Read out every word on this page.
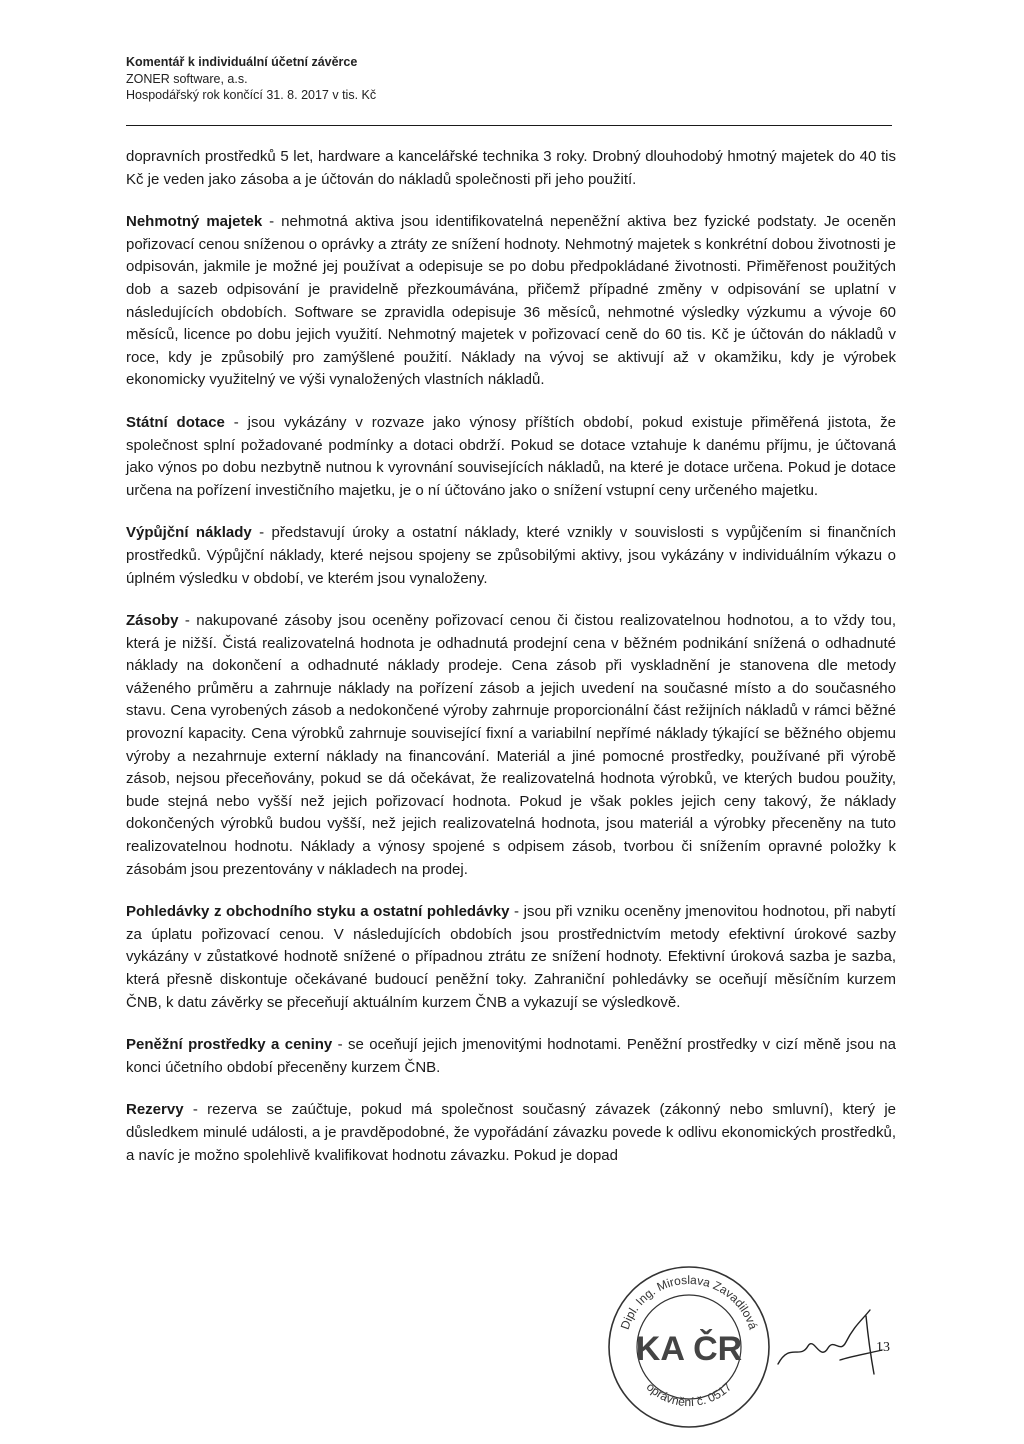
Komentář k individuální účetní závěrce
ZONER software, a.s.
Hospodářský rok končící 31. 8. 2017 v tis. Kč

dopravních prostředků 5 let, hardware a kancelářské technika 3 roky. Drobný dlouhodobý hmotný majetek do 40 tis Kč je veden jako zásoba a je účtován do nákladů společnosti při jeho použití.

Nehmotný majetek - nehmotná aktiva jsou identifikovatelná nepeněžní aktiva bez fyzické podstaty. Je oceněn pořizovací cenou sníženou o oprávky a ztráty ze snížení hodnoty. Nehmotný majetek s konkrétní dobou životnosti je odpisován, jakmile je možné jej používat a odepisuje se po dobu předpokládané životnosti. Přiměřenost použitých dob a sazeb odpisování je pravidelně přezkoumávána, přičemž případné změny v odpisování se uplatní v následujících obdobích. Software se zpravidla odepisuje 36 měsíců, nehmotné výsledky výzkumu a vývoje 60 měsíců, licence po dobu jejich využití. Nehmotný majetek v pořizovací ceně do 60 tis. Kč je účtován do nákladů v roce, kdy je způsobilý pro zamýšlené použití. Náklady na vývoj se aktivují až v okamžiku, kdy je výrobek ekonomicky využitelný ve výši vynaložených vlastních nákladů.

Státní dotace - jsou vykázány v rozvaze jako výnosy příštích období, pokud existuje přiměřená jistota, že společnost splní požadované podmínky a dotaci obdrží. Pokud se dotace vztahuje k danému příjmu, je účtovaná jako výnos po dobu nezbytně nutnou k vyrovnání souvisejících nákladů, na které je dotace určena. Pokud je dotace určena na pořízení investičního majetku, je o ní účtováno jako o snížení vstupní ceny určeného majetku.

Výpůjční náklady - představují úroky a ostatní náklady, které vznikly v souvislosti s vypůjčením si finančních prostředků. Výpůjční náklady, které nejsou spojeny se způsobilými aktivy, jsou vykázány v individuálním výkazu o úplném výsledku v období, ve kterém jsou vynaloženy.

Zásoby - nakupované zásoby jsou oceněny pořizovací cenou či čistou realizovatelnou hodnotou, a to vždy tou, která je nižší. Čistá realizovatelná hodnota je odhadnutá prodejní cena v běžném podnikání snížená o odhadnuté náklady na dokončení a odhadnuté náklady prodeje. Cena zásob při vyskladnění je stanovena dle metody váženého průměru a zahrnuje náklady na pořízení zásob a jejich uvedení na současné místo a do současného stavu. Cena vyrobených zásob a nedokončené výroby zahrnuje proporcionální část režijních nákladů v rámci běžné provozní kapacity. Cena výrobků zahrnuje související fixní a variabilní nepřímé náklady týkající se běžného objemu výroby a nezahrnuje externí náklady na financování. Materiál a jiné pomocné prostředky, používané při výrobě zásob, nejsou přeceňovány, pokud se dá očekávat, že realizovatelná hodnota výrobků, ve kterých budou použity, bude stejná nebo vyšší než jejich pořizovací hodnota. Pokud je však pokles jejich ceny takový, že náklady dokončených výrobků budou vyšší, než jejich realizovatelná hodnota, jsou materiál a výrobky přeceněny na tuto realizovatelnou hodnotu. Náklady a výnosy spojené s odpisem zásob, tvorbou či snížením opravné položky k zásobám jsou prezentovány v nákladech na prodej.

Pohledávky z obchodního styku a ostatní pohledávky - jsou při vzniku oceněny jmenovitou hodnotou, při nabytí za úplatu pořizovací cenou. V následujících obdobích jsou prostřednictvím metody efektivní úrokové sazby vykázány v zůstatkové hodnotě snížené o případnou ztrátu ze snížení hodnoty. Efektivní úroková sazba je sazba, která přesně diskontuje očekávané budoucí peněžní toky. Zahraniční pohledávky se oceňují měsíčním kurzem ČNB, k datu závěrky se přeceňují aktuálním kurzem ČNB a vykazují se výsledkově.

Peněžní prostředky a ceniny - se oceňují jejich jmenovitými hodnotami. Peněžní prostředky v cizí měně jsou na konci účetního období přeceněny kurzem ČNB.

Rezervy - rezerva se zaúčtuje, pokud má společnost současný závazek (zákonný nebo smluvní), který je důsledkem minulé události, a je pravděpodobné, že vypořádání závazku povede k odlivu ekonomických prostředků, a navíc je možno spolehlivě kvalifikovat hodnotu závazku. Pokud je dopad

Dipl. Ing. Miroslava Zavadilová
oprávnění č. 0517
KA ČR	13
